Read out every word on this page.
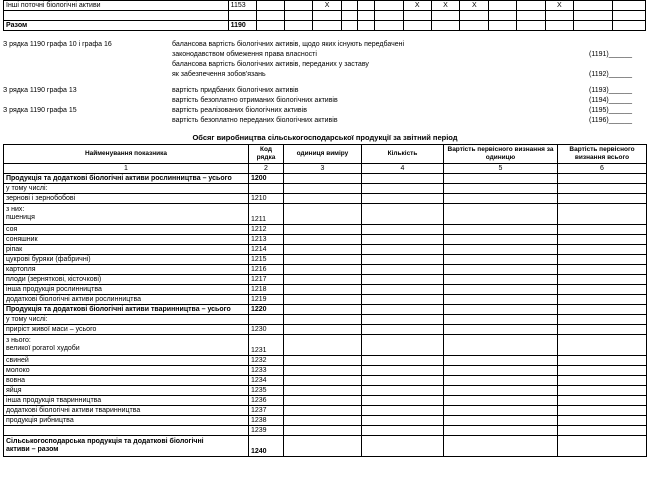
Інші поточні біологічні активи	1153			Х				Х	Х	Х			Х		

Разом	1190														
З рядка 1190 графа 10 і графа 16	балансова вартість біологічних активів, щодо яких існують передбачені
законодавством обмеження права власності	(1191)______
балансова вартість біологічних активів, переданих у заставу
як забезпечення зобов'язань	(1192)______
З рядка 1190 графа 13	вартість придбаних біологічних активів	(1193)______
вартість безоплатно отриманих біологічних активів	(1194)______
З рядка 1190 графа 15	вартість реалізованих біологічних активів	(1195)______
вартість безоплатно переданих біологічних активів	(1196)______
Обсяг виробництва сільськогосподарської продукції за звітний період
Найменування показника	Код рядка	одиниця виміру	Кількість	Вартість первісного визнання за одиницю	Вартість первісного визнання всього
1	2	3	4	5	6
Продукція та додаткові біологічні активи рослинництва – усього	1200				
у тому числі:					
зернові і зернобобові	1210				

з них:
пшениця	1211				
соя	1212				
соняшник	1213				
ріпак	1214				
цукрові буряки (фабричні)	1215				
картопля	1216				
плоди (зерняткові, кісточкові)	1217				
інша продукція рослинництва	1218				
додаткові біологічні активи рослинництва	1219				
Продукція та додаткові біологічні активи тваринництва – усього	1220				
у тому числі:					
приріст живої маси – усього	1230				

з нього:
великої рогатої худоби	1231				
свиней	1232				
молоко	1233				
вовна	1234				
яйця	1235				
інша продукція тваринництва	1236				
додаткові біологічні активи тваринництва	1237				
продукція рибництва	1238				
	1239				

Сільськогосподарська продукція та додаткові біологічні
активи – разом	1240				
